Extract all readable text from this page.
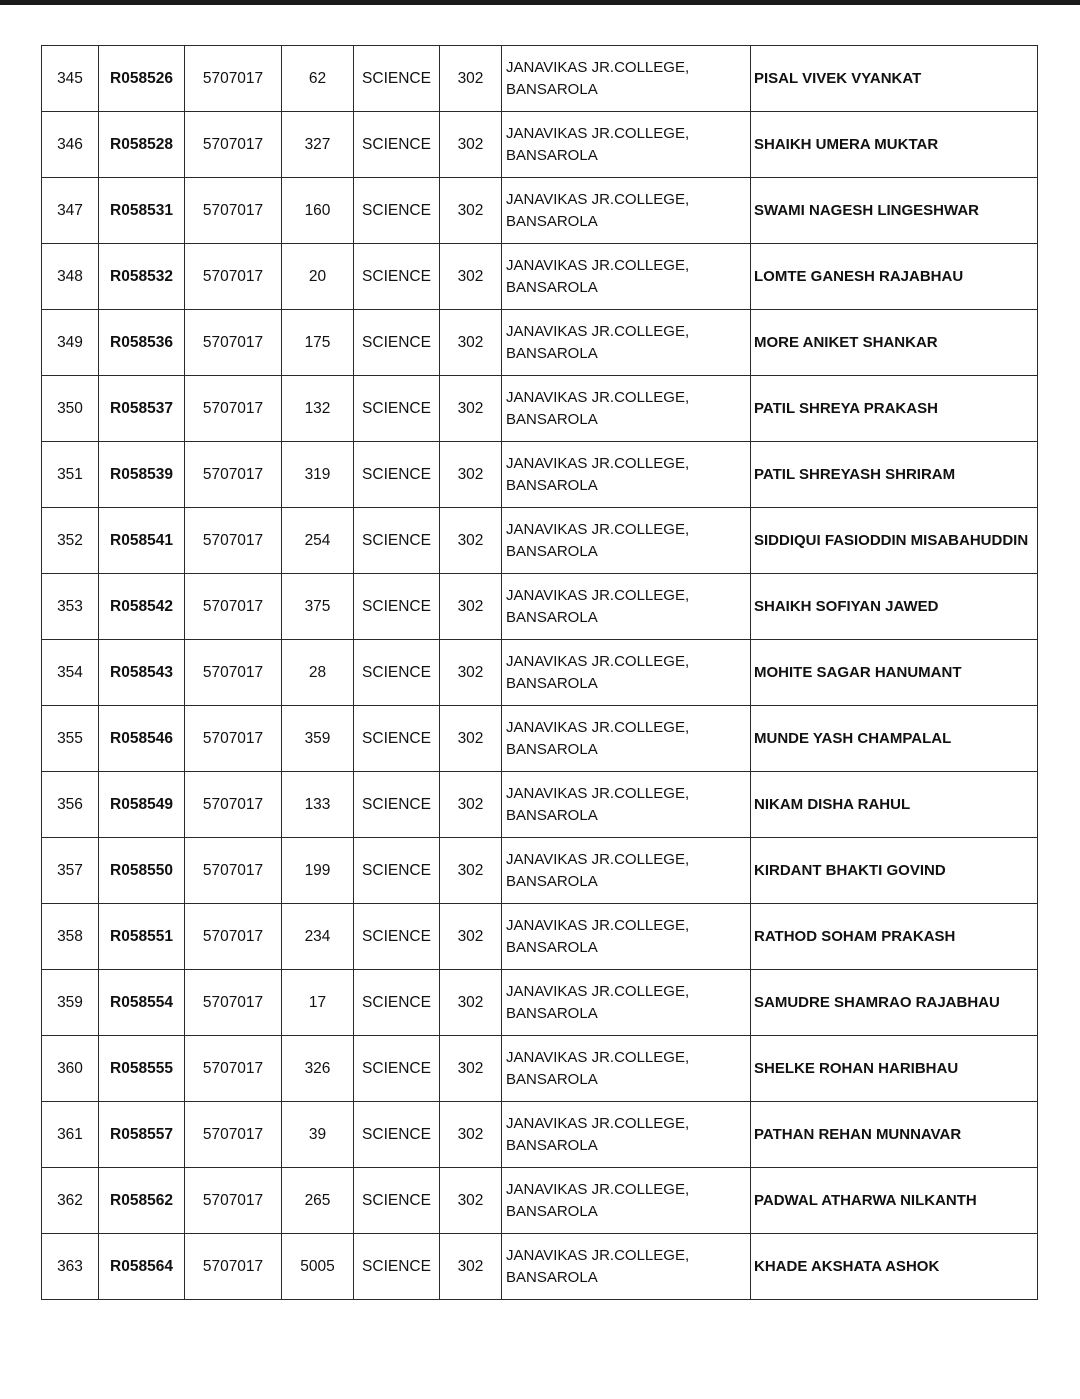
345	R058526	5707017	62	SCIENCE	302	JANAVIKAS JR.COLLEGE,
BANSAROLA	PISAL VIVEK VYANKAT
346	R058528	5707017	327	SCIENCE	302	JANAVIKAS JR.COLLEGE,
BANSAROLA	SHAIKH UMERA MUKTAR
347	R058531	5707017	160	SCIENCE	302	JANAVIKAS JR.COLLEGE,
BANSAROLA	SWAMI NAGESH LINGESHWAR
348	R058532	5707017	20	SCIENCE	302	JANAVIKAS JR.COLLEGE,
BANSAROLA	LOMTE GANESH RAJABHAU
349	R058536	5707017	175	SCIENCE	302	JANAVIKAS JR.COLLEGE,
BANSAROLA	MORE ANIKET SHANKAR
350	R058537	5707017	132	SCIENCE	302	JANAVIKAS JR.COLLEGE,
BANSAROLA	PATIL SHREYA PRAKASH
351	R058539	5707017	319	SCIENCE	302	JANAVIKAS JR.COLLEGE,
BANSAROLA	PATIL SHREYASH SHRIRAM
352	R058541	5707017	254	SCIENCE	302	JANAVIKAS JR.COLLEGE,
BANSAROLA	SIDDIQUI FASIODDIN MISABAHUDDIN
353	R058542	5707017	375	SCIENCE	302	JANAVIKAS JR.COLLEGE,
BANSAROLA	SHAIKH SOFIYAN JAWED
354	R058543	5707017	28	SCIENCE	302	JANAVIKAS JR.COLLEGE,
BANSAROLA	MOHITE SAGAR HANUMANT
355	R058546	5707017	359	SCIENCE	302	JANAVIKAS JR.COLLEGE,
BANSAROLA	MUNDE YASH CHAMPALAL
356	R058549	5707017	133	SCIENCE	302	JANAVIKAS JR.COLLEGE,
BANSAROLA	NIKAM DISHA RAHUL
357	R058550	5707017	199	SCIENCE	302	JANAVIKAS JR.COLLEGE,
BANSAROLA	KIRDANT BHAKTI GOVIND
358	R058551	5707017	234	SCIENCE	302	JANAVIKAS JR.COLLEGE,
BANSAROLA	RATHOD SOHAM PRAKASH
359	R058554	5707017	17	SCIENCE	302	JANAVIKAS JR.COLLEGE,
BANSAROLA	SAMUDRE SHAMRAO RAJABHAU
360	R058555	5707017	326	SCIENCE	302	JANAVIKAS JR.COLLEGE,
BANSAROLA	SHELKE ROHAN HARIBHAU
361	R058557	5707017	39	SCIENCE	302	JANAVIKAS JR.COLLEGE,
BANSAROLA	PATHAN REHAN MUNNAVAR
362	R058562	5707017	265	SCIENCE	302	JANAVIKAS JR.COLLEGE,
BANSAROLA	PADWAL ATHARWA NILKANTH
363	R058564	5707017	5005	SCIENCE	302	JANAVIKAS JR.COLLEGE,
BANSAROLA	KHADE AKSHATA ASHOK
